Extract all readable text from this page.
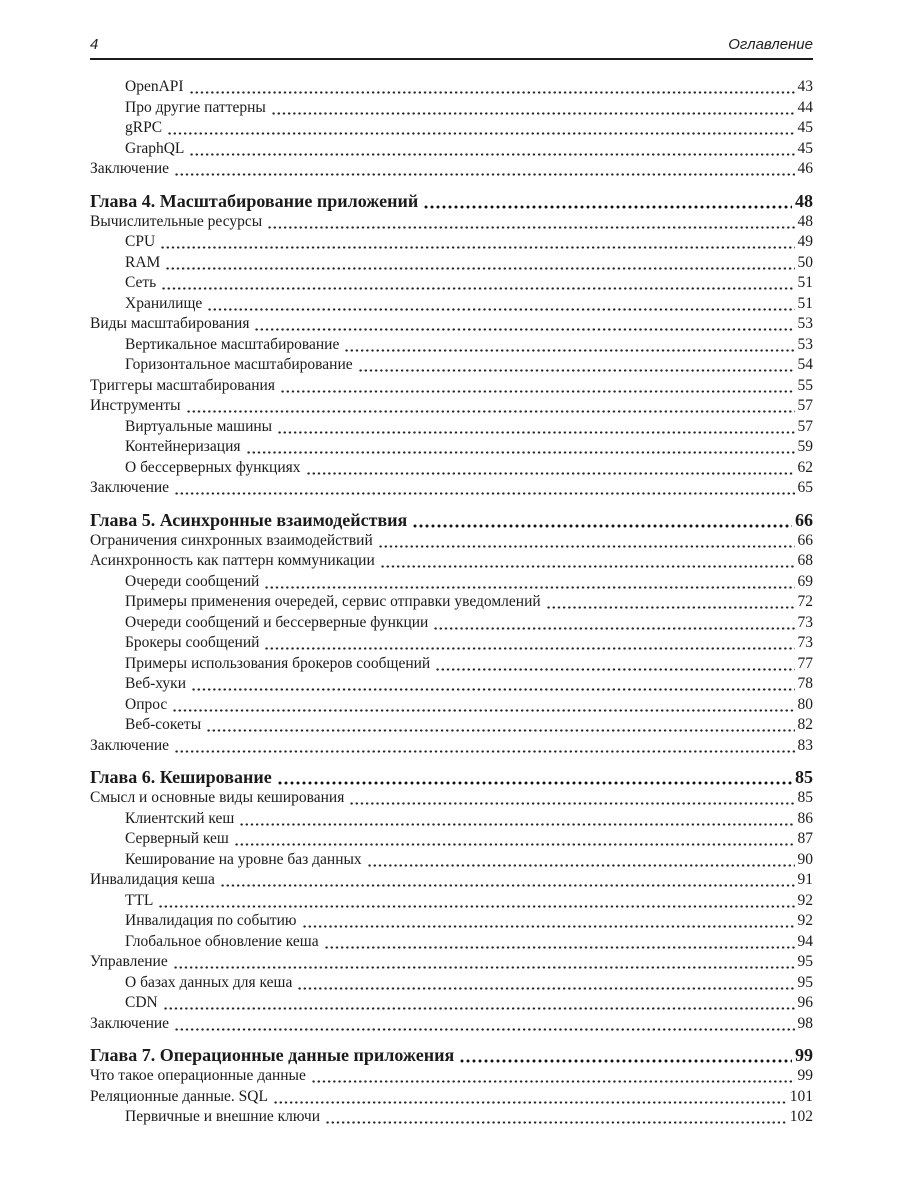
4	Оглавление
OpenAPI	43
Про другие паттерны	44
gRPC	45
GraphQL	45
Заключение	46
Глава 4. Масштабирование приложений	48
Вычислительные ресурсы	48
CPU	49
RAM	50
Сеть	51
Хранилище	51
Виды масштабирования	53
Вертикальное масштабирование	53
Горизонтальное масштабирование	54
Триггеры масштабирования	55
Инструменты	57
Виртуальные машины	57
Контейнеризация	59
О бессерверных функциях	62
Заключение	65
Глава 5. Асинхронные взаимодействия	66
Ограничения синхронных взаимодействий	66
Асинхронность как паттерн коммуникации	68
Очереди сообщений	69
Примеры применения очередей, сервис отправки уведомлений	72
Очереди сообщений и бессерверные функции	73
Брокеры сообщений	73
Примеры использования брокеров сообщений	77
Веб-хуки	78
Опрос	80
Веб-сокеты	82
Заключение	83
Глава 6. Кеширование	85
Смысл и основные виды кеширования	85
Клиентский кеш	86
Серверный кеш	87
Кеширование на уровне баз данных	90
Инвалидация кеша	91
TTL	92
Инвалидация по событию	92
Глобальное обновление кеша	94
Управление	95
О базах данных для кеша	95
CDN	96
Заключение	98
Глава 7. Операционные данные приложения	99
Что такое операционные данные	99
Реляционные данные. SQL	101
Первичные и внешние ключи	102
